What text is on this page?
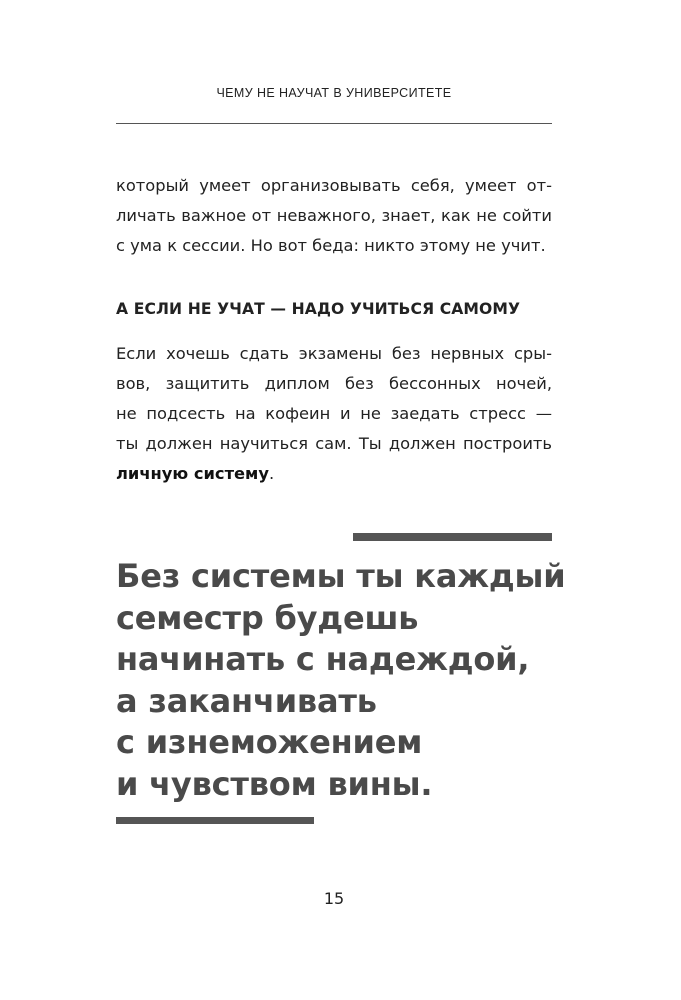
ЧЕМУ НЕ НАУЧАТ В УНИВЕРСИТЕТЕ

который умеет организовывать себя, умеет от-
личать важное от неважного, знает, как не сойти
с ума к сессии. Но вот беда: никто этому не учит.

А ЕСЛИ НЕ УЧАТ — НАДО УЧИТЬСЯ САМОМУ

Если хочешь сдать экзамены без нервных сры-
вов, защитить диплом без бессонных ночей,
не подсесть на кофеин и не заедать стресс —
ты должен научиться сам. Ты должен построить
личную систему.

Без системы ты каждый
семестр будешь
начинать с надеждой,
а заканчивать
с изнеможением
и чувством вины.
15
